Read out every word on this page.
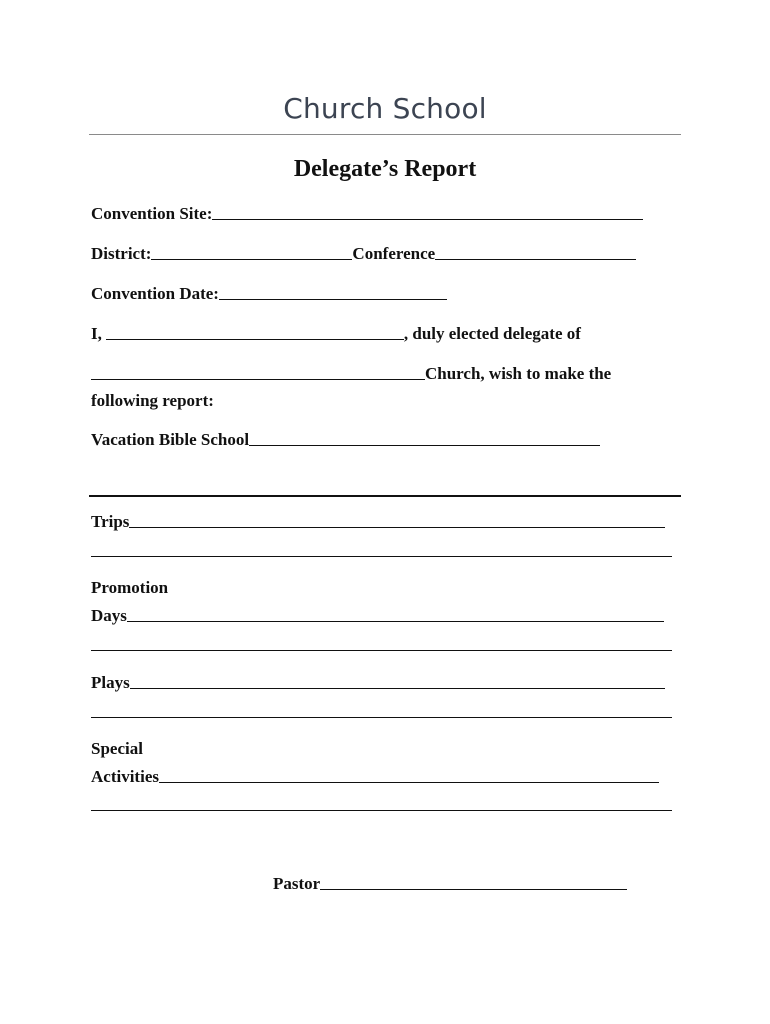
Church School
Delegate’s Report
Convention Site:
District:	Conference
Convention Date:
I,	, duly elected delegate of
Church, wish to make the
following report:
Vacation Bible School
Trips
Promotion
Days
Plays
Special
Activities
Pastor
